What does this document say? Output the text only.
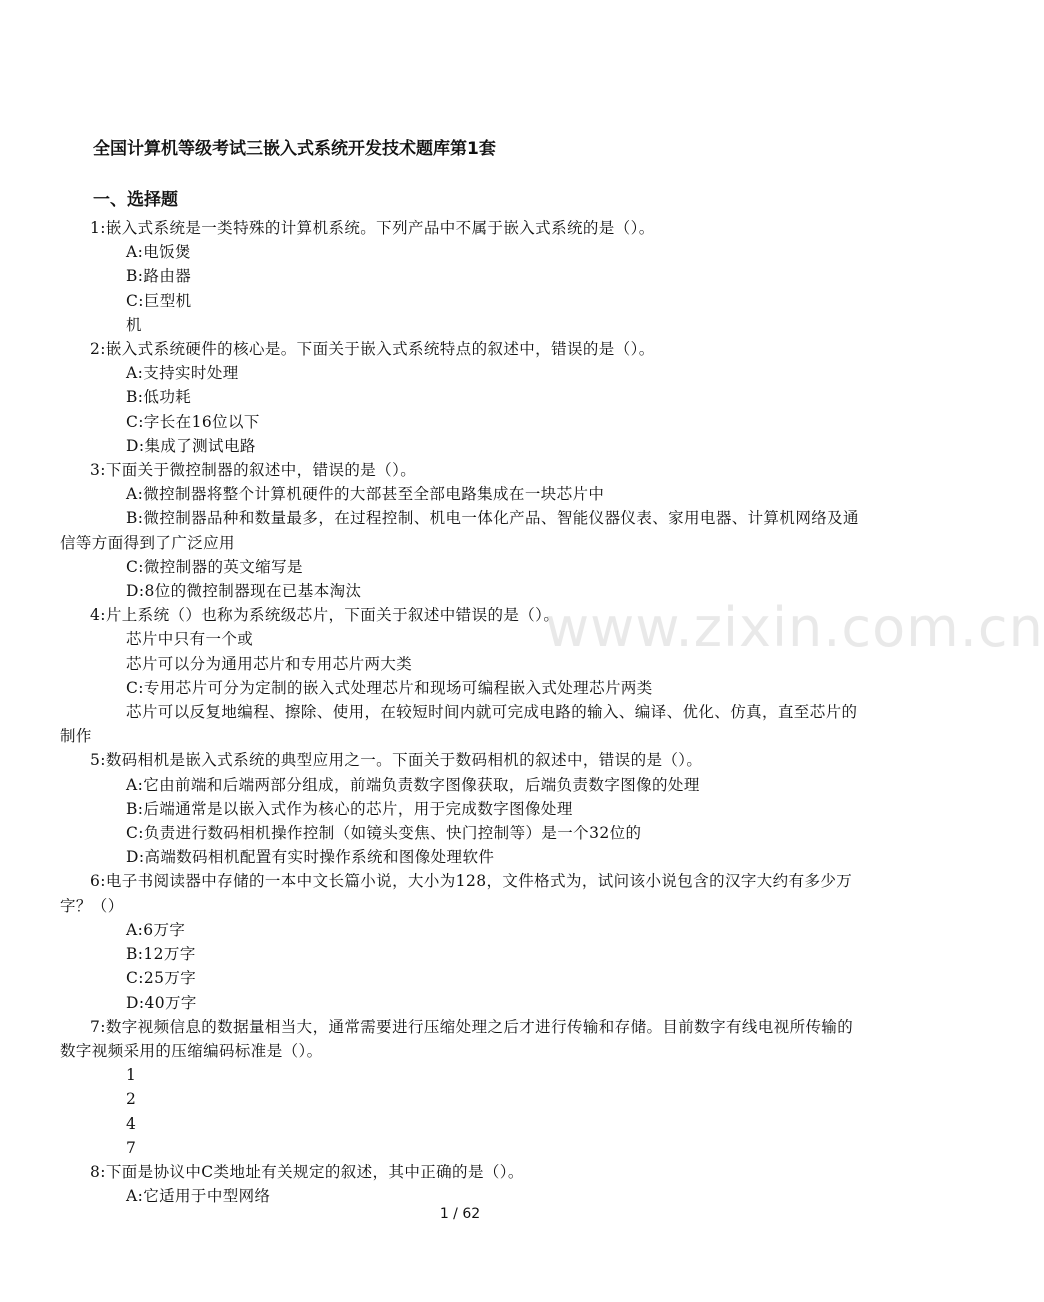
全国计算机等级考试三嵌入式系统开发技术题库第1套
一、选择题

1:嵌入式系统是一类特殊的计算机系统。下列产品中不属于嵌入式系统的是（）。

A:电饭煲

B:路由器

C:巨型机

机

2:嵌入式系统硬件的核心是。下面关于嵌入式系统特点的叙述中，错误的是（）。

A:支持实时处理

B:低功耗

C:字长在16位以下

D:集成了测试电路

3:下面关于微控制器的叙述中，错误的是（）。

A:微控制器将整个计算机硬件的大部甚至全部电路集成在一块芯片中

B:微控制器品种和数量最多，在过程控制、机电一体化产品、智能仪器仪表、家用电器、计算机网络及通信等方面得到了广泛应用

C:微控制器的英文缩写是

D:8位的微控制器现在已基本淘汰

4:片上系统（）也称为系统级芯片，下面关于叙述中错误的是（）。

芯片中只有一个或

芯片可以分为通用芯片和专用芯片两大类

C:专用芯片可分为定制的嵌入式处理芯片和现场可编程嵌入式处理芯片两类

芯片可以反复地编程、擦除、使用，在较短时间内就可完成电路的输入、编译、优化、仿真，直至芯片的制作

5:数码相机是嵌入式系统的典型应用之一。下面关于数码相机的叙述中，错误的是（）。

A:它由前端和后端两部分组成，前端负责数字图像获取，后端负责数字图像的处理

B:后端通常是以嵌入式作为核心的芯片，用于完成数字图像处理

C:负责进行数码相机操作控制（如镜头变焦、快门控制等）是一个32位的

D:高端数码相机配置有实时操作系统和图像处理软件

6:电子书阅读器中存储的一本中文长篇小说，大小为128，文件格式为，试问该小说包含的汉字大约有多少万字？（）

A:6万字

B:12万字

C:25万字

D:40万字

7:数字视频信息的数据量相当大，通常需要进行压缩处理之后才进行传输和存储。目前数字有线电视所传输的数字视频采用的压缩编码标准是（）。

1

2

4

7

8:下面是协议中C类地址有关规定的叙述，其中正确的是（）。

A:它适用于中型网络

www.zixin.com.cn
1 / 62
